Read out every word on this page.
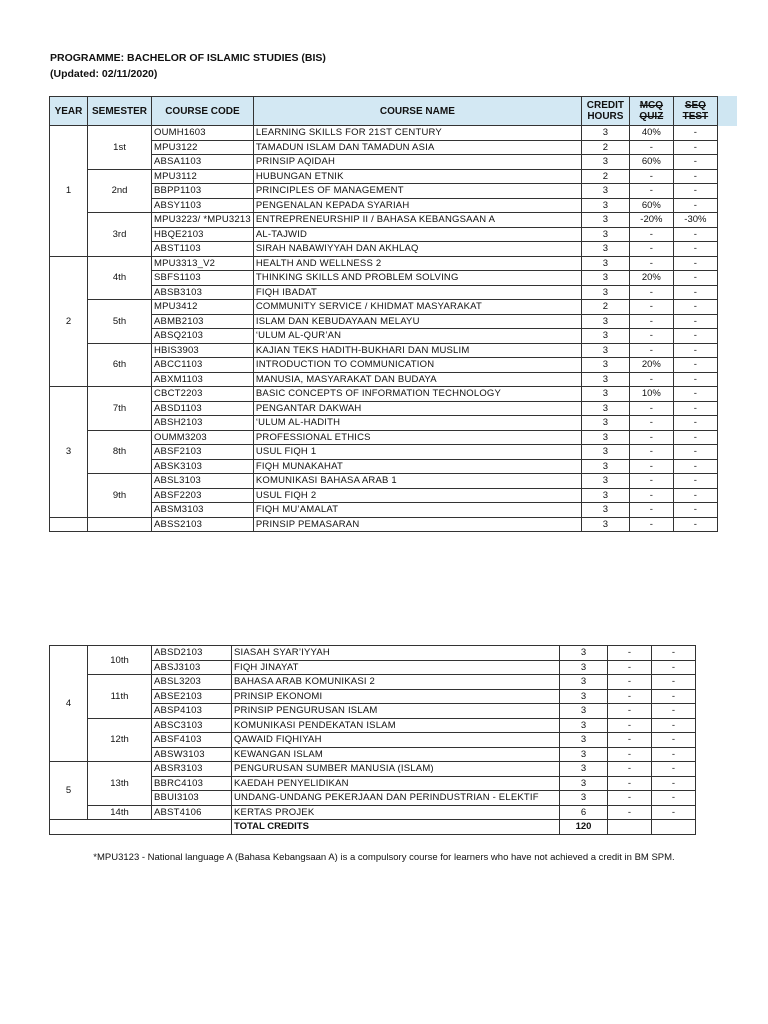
PROGRAMME: BACHELOR OF ISLAMIC STUDIES (BIS)
(Updated: 02/11/2020)
YEAR	SEMESTER	COURSE CODE	COURSE NAME	CREDIT HOURS	MCQ QUIZ	SEQ TEST
1	1st	OUMH1603	LEARNING SKILLS FOR 21ST CENTURY	3	40%	-
		MPU3122	TAMADUN ISLAM DAN TAMADUN ASIA	2	-	-
		ABSA1103	PRINSIP AQIDAH	3	60%	-
	2nd	MPU3112	HUBUNGAN ETNIK	2	-	-
		BBPP1103	PRINCIPLES OF MANAGEMENT	3	-	-
		ABSY1103	PENGENALAN KEPADA SYARIAH	3	60%	-
	3rd	MPU3223/ *MPU3213	ENTREPRENEURSHIP II / BAHASA KEBANGSAAN A	3	-20%	-30%
		HBQE2103	AL-TAJWID	3	-	-
		ABST1103	SIRAH NABAWIYYAH DAN AKHLAQ	3	-	-
2	4th	MPU3313_V2	HEALTH AND WELLNESS 2	3	-	-
		SBFS1103	THINKING SKILLS AND PROBLEM SOLVING	3	20%	-
		ABSB3103	FIQH IBADAT	3	-	-
	5th	MPU3412	COMMUNITY SERVICE / KHIDMAT MASYARAKAT	2	-	-
		ABMB2103	ISLAM DAN KEBUDAYAAN MELAYU	3	-	-
		ABSQ2103	‘ULUM AL-QUR’AN	3	-	-
	6th	HBIS3903	KAJIAN TEKS HADITH-BUKHARI DAN MUSLIM	3	-	-
		ABCC1103	INTRODUCTION TO COMMUNICATION	3	20%	-
		ABXM1103	MANUSIA, MASYARAKAT DAN BUDAYA	3	-	-
3	7th	CBCT2203	BASIC CONCEPTS OF INFORMATION TECHNOLOGY	3	10%	-
		ABSD1103	PENGANTAR DAKWAH	3	-	-
		ABSH2103	‘ULUM AL-HADITH	3	-	-
	8th	OUMM3203	PROFESSIONAL ETHICS	3	-	-
		ABSF2103	USUL FIQH 1	3	-	-
		ABSK3103	FIQH MUNAKAHAT	3	-	-
	9th	ABSL3103	KOMUNIKASI BAHASA ARAB 1	3	-	-
		ABSF2203	USUL FIQH 2	3	-	-
		ABSM3103	FIQH MU’AMALAT	3	-	-
		ABSS2103	PRINSIP PEMASARAN	3	-	-
4	10th	ABSD2103	SIASAH SYAR’IYYAH	3	-	-
		ABSJ3103	FIQH JINAYAT	3	-	-
	11th	ABSL3203	BAHASA ARAB KOMUNIKASI 2	3	-	-
		ABSE2103	PRINSIP EKONOMI	3	-	-
		ABSP4103	PRINSIP PENGURUSAN ISLAM	3	-	-
	12th	ABSC3103	KOMUNIKASI PENDEKATAN ISLAM	3	-	-
		ABSF4103	QAWAID FIQHIYAH	3	-	-
		ABSW3103	KEWANGAN ISLAM	3	-	-
5	13th	ABSR3103	PENGURUSAN SUMBER MANUSIA (ISLAM)	3	-	-
		BBRC4103	KAEDAH PENYELIDIKAN	3	-	-
		BBUI3103	UNDANG-UNDANG PEKERJAAN DAN PERINDUSTRIAN - ELEKTIF	3	-	-
	14th	ABST4106	KERTAS PROJEK	6	-	-
			TOTAL CREDITS	120		
*MPU3123 - National language A (Bahasa Kebangsaan A) is a compulsory course for learners who have not achieved a credit in BM SPM.
